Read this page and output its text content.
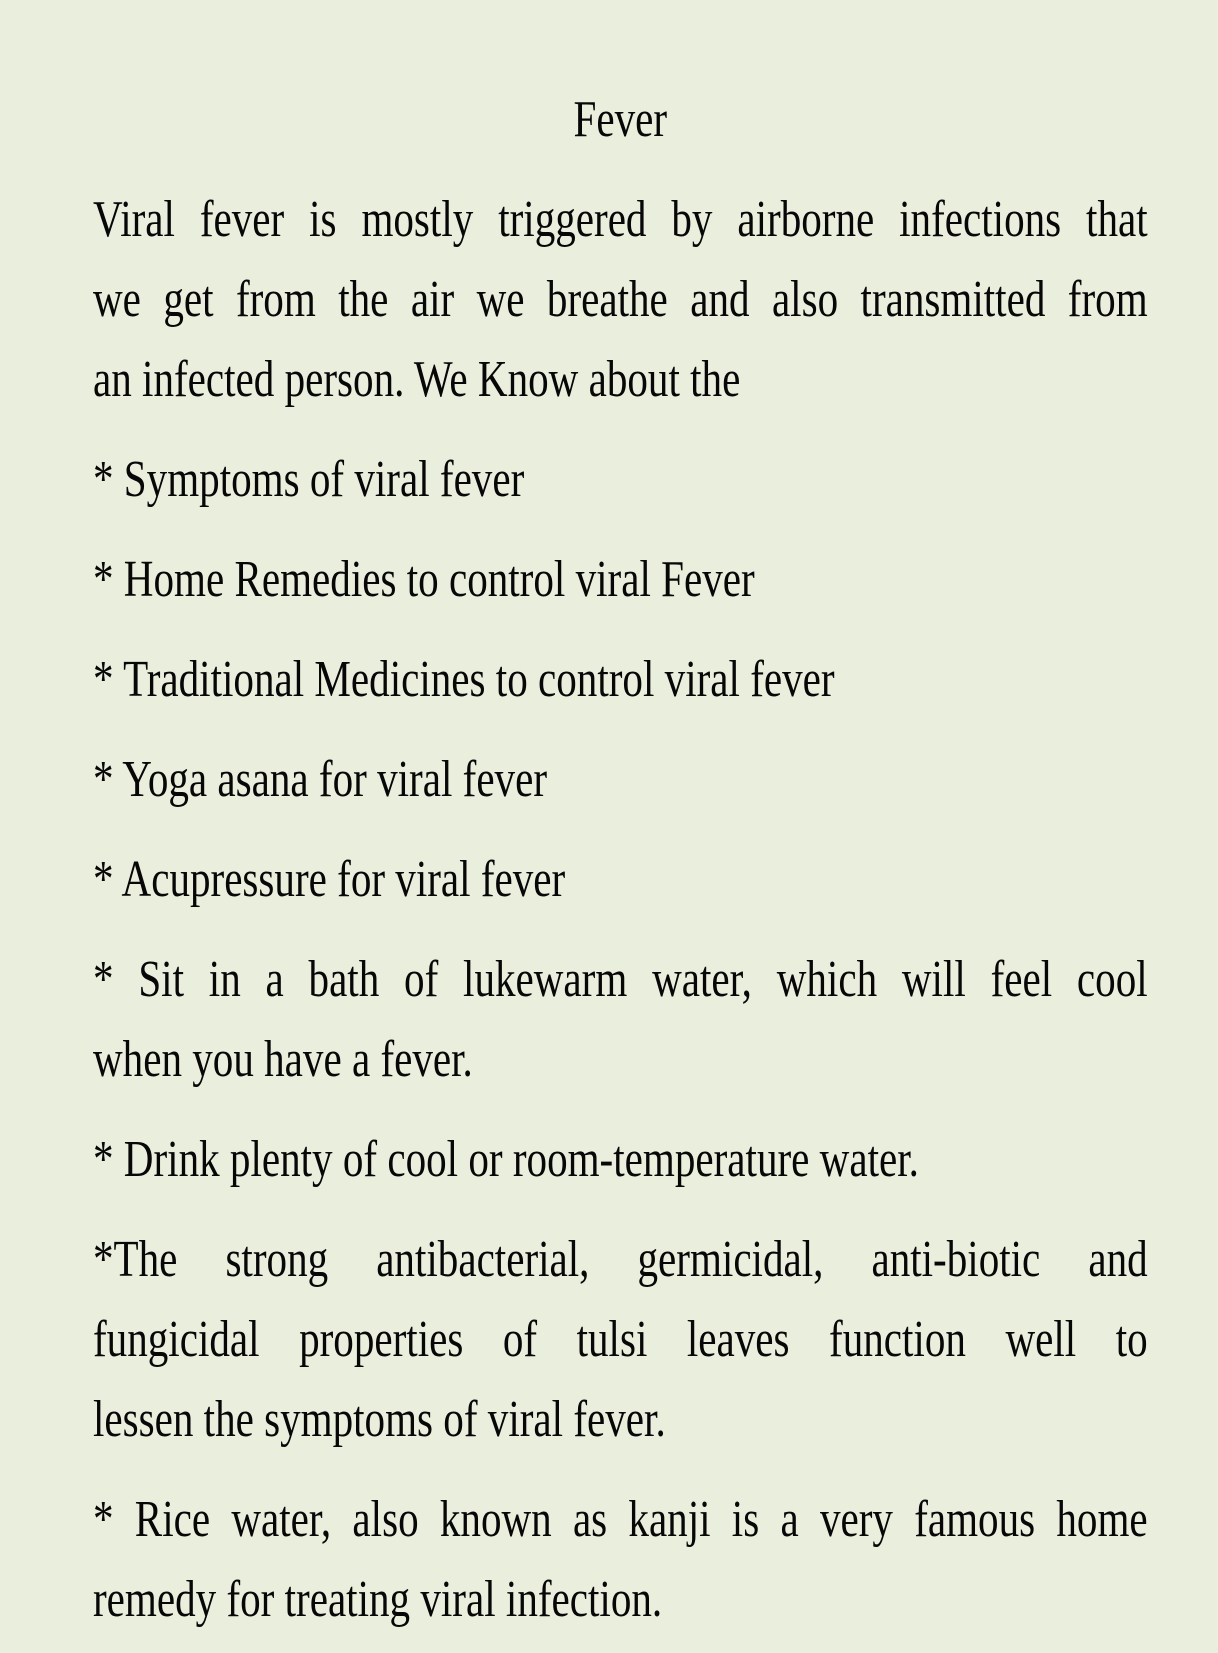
Fever
Viral fever is mostly triggered by airborne infections that
we get from the air we breathe and also transmitted from
an infected person. We Know about the
* Symptoms of viral fever
* Home Remedies to control viral Fever
* Traditional Medicines to control viral fever
* Yoga asana for viral fever
* Acupressure for viral fever
* Sit in a bath of lukewarm water, which will feel cool
when you have a fever.
* Drink plenty of cool or room-temperature water.
*The strong antibacterial, germicidal, anti-biotic and
fungicidal properties of tulsi leaves function well to
lessen the symptoms of viral fever.
* Rice water, also known as kanji is a very famous home
remedy for treating viral infection.
